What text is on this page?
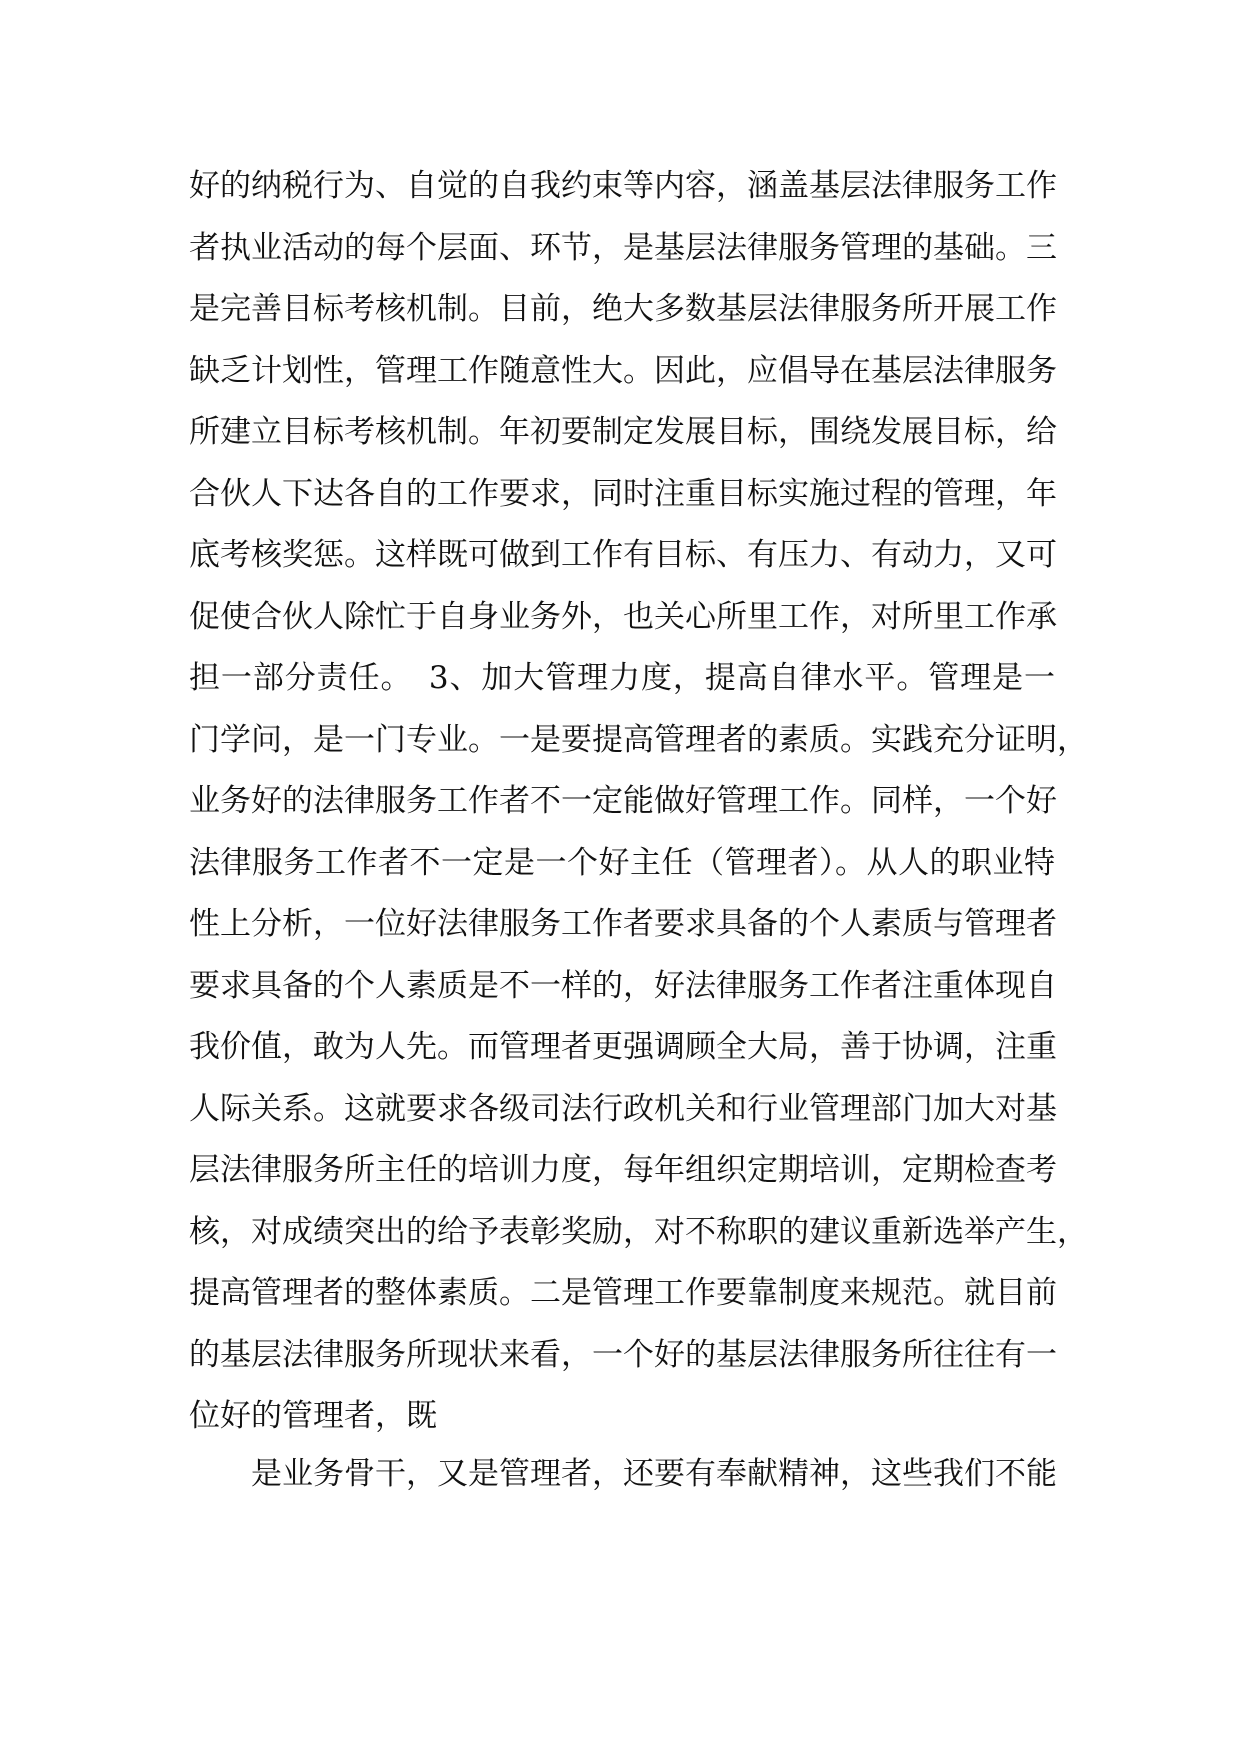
好的纳税行为、自觉的自我约束等内容，涵盖基层法律服务工作
者执业活动的每个层面、环节，是基层法律服务管理的基础。三
是完善目标考核机制。目前，绝大多数基层法律服务所开展工作
缺乏计划性，管理工作随意性大。因此，应倡导在基层法律服务
所建立目标考核机制。年初要制定发展目标，围绕发展目标，给
合伙人下达各自的工作要求，同时注重目标实施过程的管理，年
底考核奖惩。这样既可做到工作有目标、有压力、有动力，又可
促使合伙人除忙于自身业务外，也关心所里工作，对所里工作承
担一部分责任。　3、加大管理力度，提高自律水平。管理是一
门学问，是一门专业。一是要提高管理者的素质。实践充分证明，
业务好的法律服务工作者不一定能做好管理工作。同样，一个好
法律服务工作者不一定是一个好主任（管理者）。从人的职业特
性上分析，一位好法律服务工作者要求具备的个人素质与管理者
要求具备的个人素质是不一样的，好法律服务工作者注重体现自
我价值，敢为人先。而管理者更强调顾全大局，善于协调，注重
人际关系。这就要求各级司法行政机关和行业管理部门加大对基
层法律服务所主任的培训力度，每年组织定期培训，定期检查考
核，对成绩突出的给予表彰奖励，对不称职的建议重新选举产生，
提高管理者的整体素质。二是管理工作要靠制度来规范。就目前
的基层法律服务所现状来看，一个好的基层法律服务所往往有一
位好的管理者，既
是业务骨干，又是管理者，还要有奉献精神，这些我们不能
